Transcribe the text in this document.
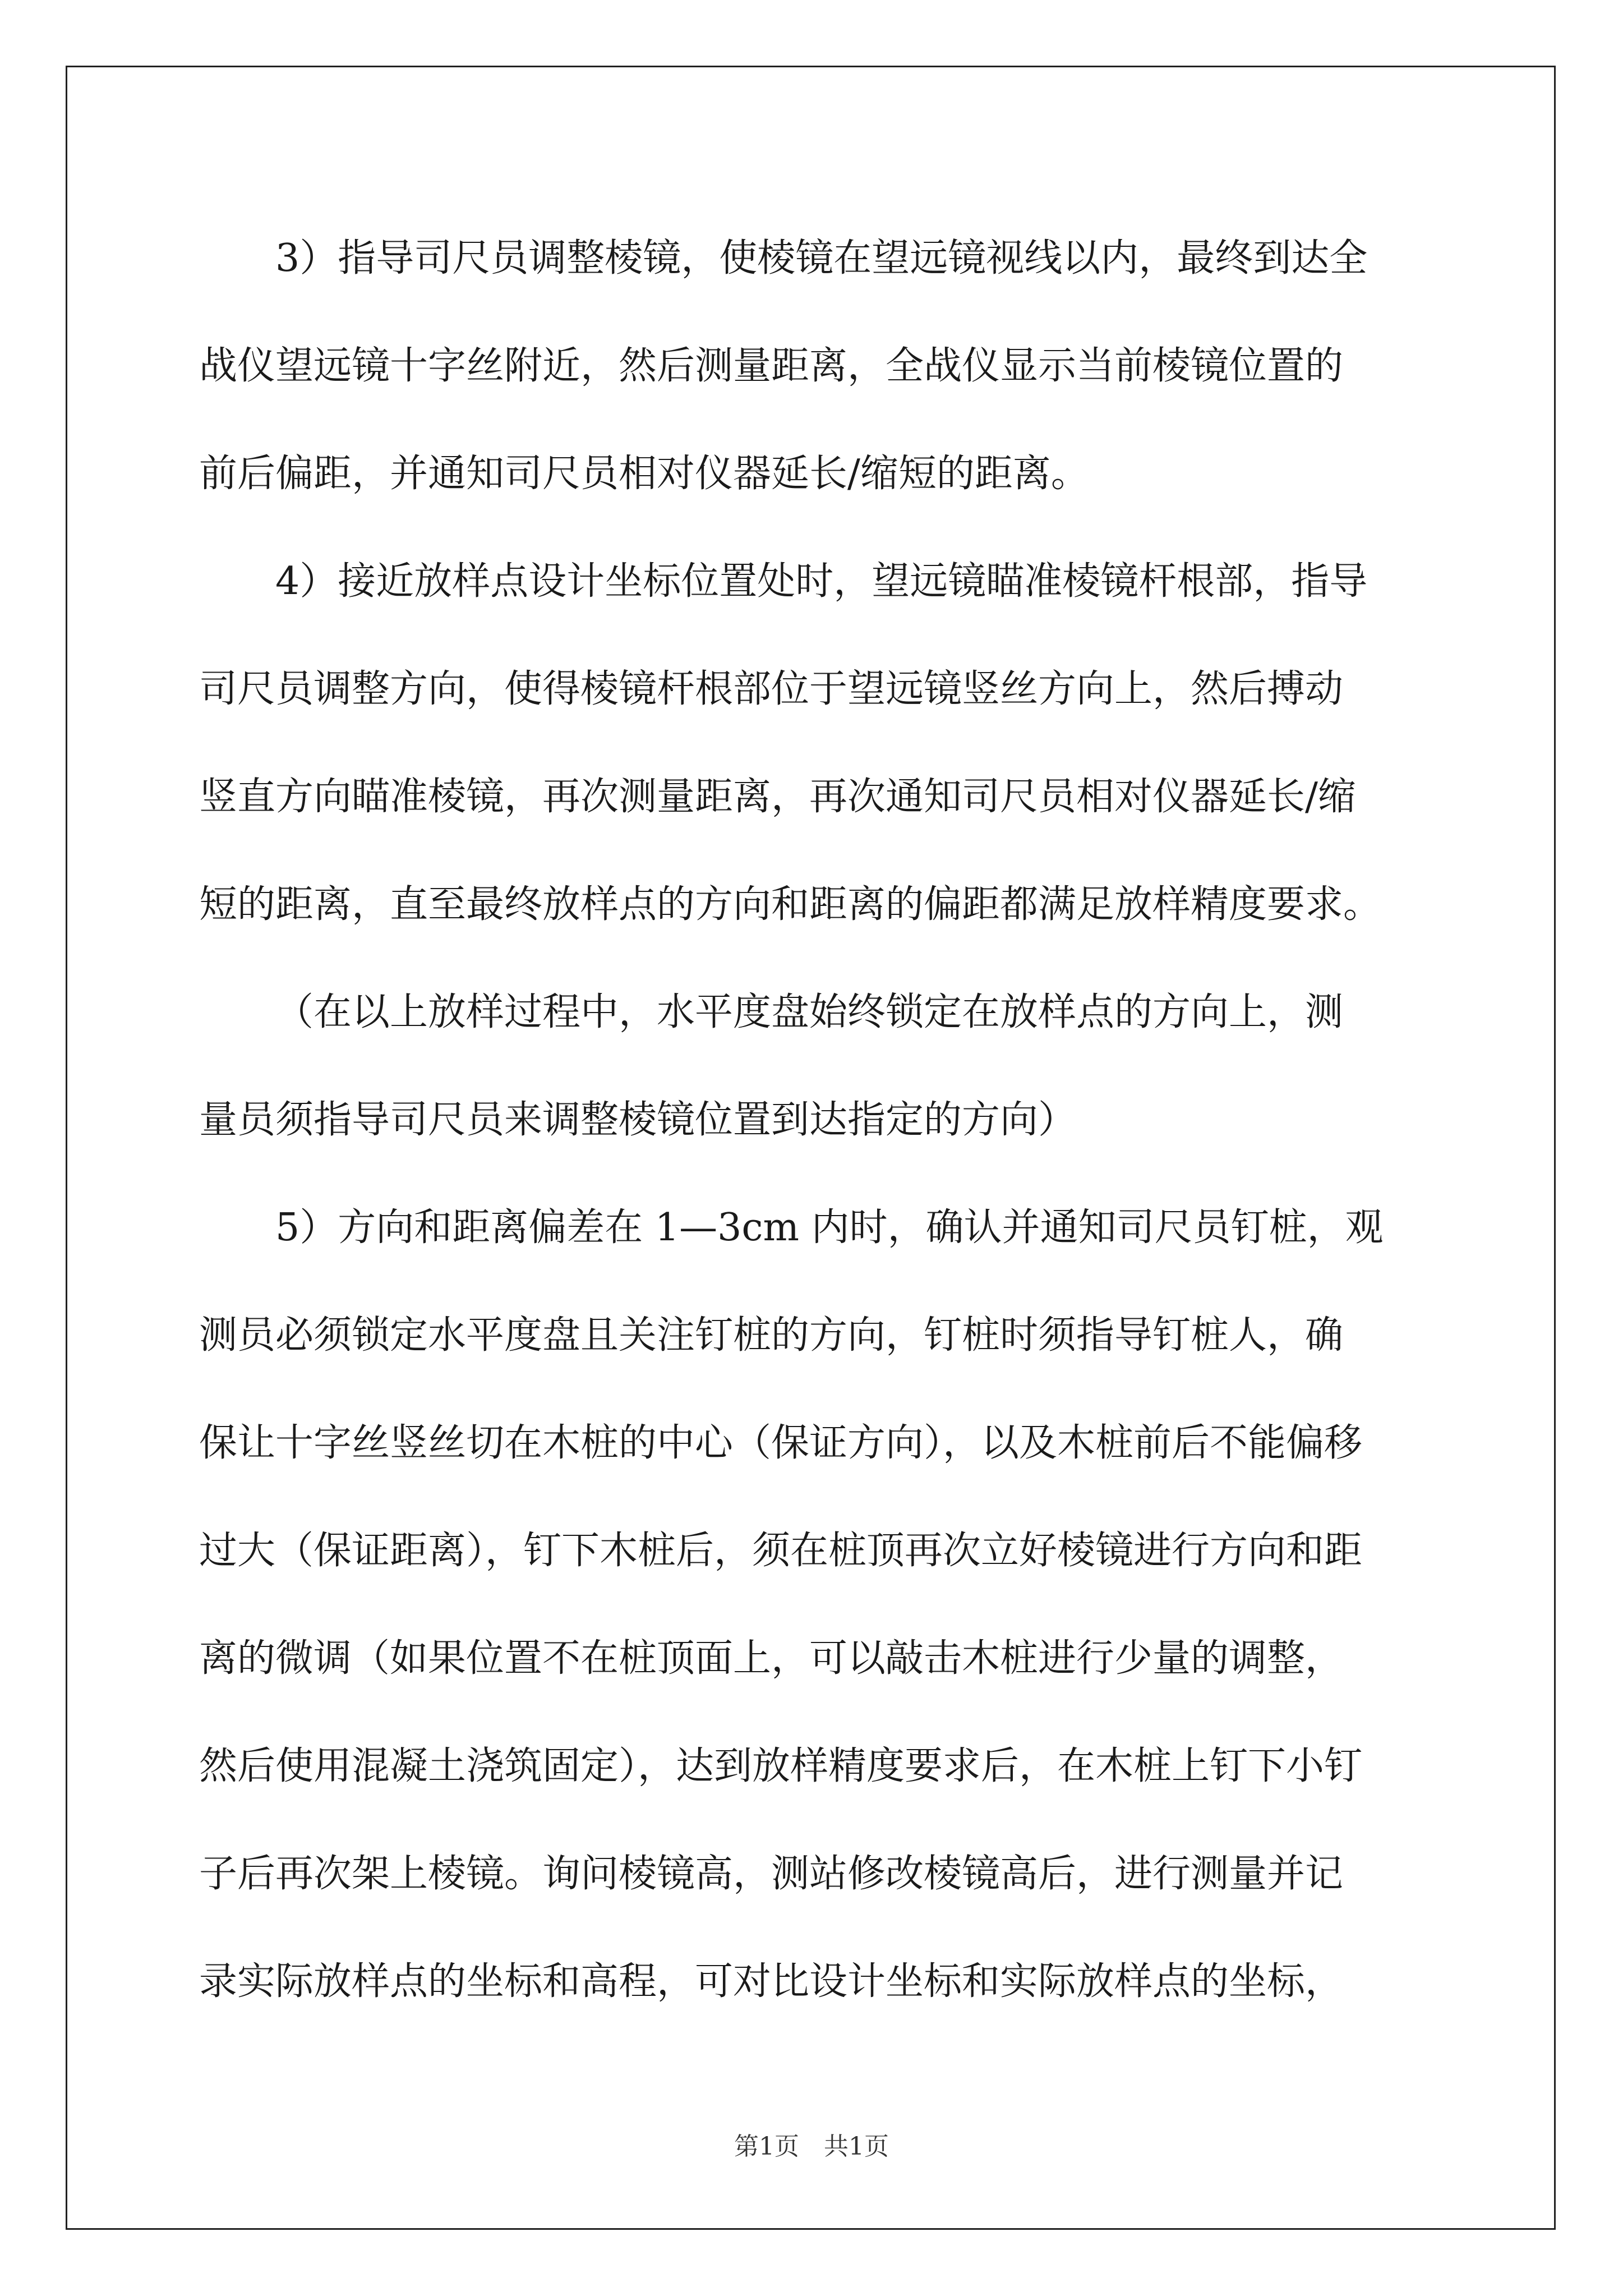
3）指导司尺员调整棱镜，使棱镜在望远镜视线以内，最终到达全
战仪望远镜十字丝附近，然后测量距离，全战仪显示当前棱镜位置的
前后偏距，并通知司尺员相对仪器延长/缩短的距离。
4）接近放样点设计坐标位置处时，望远镜瞄准棱镜杆根部，指导
司尺员调整方向，使得棱镜杆根部位于望远镜竖丝方向上，然后搏动
竖直方向瞄准棱镜，再次测量距离，再次通知司尺员相对仪器延长/缩
短的距离，直至最终放样点的方向和距离的偏距都满足放样精度要求。
（在以上放样过程中，水平度盘始终锁定在放样点的方向上，测
量员须指导司尺员来调整棱镜位置到达指定的方向）
5）方向和距离偏差在 1—3cm 内时，确认并通知司尺员钉桩，观
测员必须锁定水平度盘且关注钉桩的方向，钉桩时须指导钉桩人，确
保让十字丝竖丝切在木桩的中心（保证方向），以及木桩前后不能偏移
过大（保证距离），钉下木桩后，须在桩顶再次立好棱镜进行方向和距
离的微调（如果位置不在桩顶面上，可以敲击木桩进行少量的调整，
然后使用混凝土浇筑固定），达到放样精度要求后，在木桩上钉下小钉
子后再次架上棱镜。询问棱镜高，测站修改棱镜高后，进行测量并记
录实际放样点的坐标和高程，可对比设计坐标和实际放样点的坐标，
第1页　共1页
